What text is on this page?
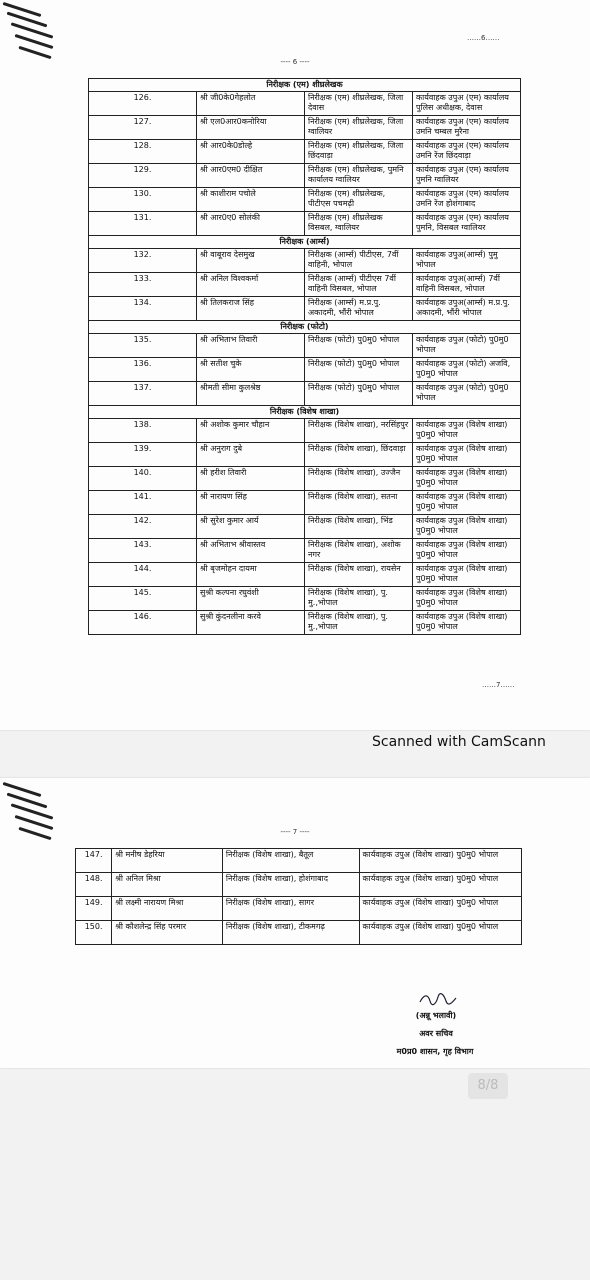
……6……
---- 6 ----
निरीक्षक (एम) शीघ्रलेखक			
126.	श्री जी0के0गेहलोत	निरीक्षक (एम) शीघ्रलेखक, जिला देवास	कार्यवाहक उपुअ (एम) कार्यालय पुलिस अधीक्षक, देवास
127.	श्री एल0आर0कनोरिया	निरीक्षक (एम) शीघ्रलेखक, जिला ग्वालियर	कार्यवाहक उपुअ (एम) कार्यालय उमनि चम्बल मुरैना
128.	श्री आर0के0डोल्हे	निरीक्षक (एम) शीघ्रलेखक, जिला छिंदवाड़ा	कार्यवाहक उपुअ (एम) कार्यालय उमनि रेंज छिंदवाड़ा
129.	श्री आर0एम0 दीक्षित	निरीक्षक (एम) शीघ्रलेखक, पुमनि कार्यालय ग्वालियर	कार्यवाहक उपुअ (एम) कार्यालय पुमनि ग्वालियर
130.	श्री काशीराम पचोले	निरीक्षक (एम) शीघ्रलेखक, पीटीएस पचमढ़ी	कार्यवाहक उपुअ (एम) कार्यालय उमनि रेंज होशंगाबाद
131.	श्री आर0ए0 सोलंकी	निरीक्षक (एम) शीघ्रलेखक विसबल, ग्वालियर	कार्यवाहक उपुअ (एम) कार्यालय पुमनि, विसबल ग्वालियर
निरीक्षक (आर्म्स)			
132.	श्री वाबूराव देसमुख	निरीक्षक (आर्म्स) पीटीएस, 7वीं वाहिनी, भोपाल	कार्यवाहक उपुअ(आर्म्स) पुमु भोपाल
133.	श्री अनिल विश्वकर्मा	निरीक्षक (आर्म्स) पीटीएस 7वीं वाहिनी विसबल, भोपाल	कार्यवाहक उपुअ(आर्म्स) 7वीं वाहिनी विसबल, भोपाल
134.	श्री तिलकराज सिंह	निरीक्षक (आर्म्स) म.प्र.पु. अकादमी, भौंरी भोपाल	कार्यवाहक उपुअ(आर्म्स) म.प्र.पु. अकादमी, भौंरी भोपाल
निरीक्षक (फोटो)			
135.	श्री अभिताभ तिवारी	निरीक्षक (फोटो) पु0मु0 भोपाल	कार्यवाहक उपुअ (फोटो) पु0मु0 भोपाल
136.	श्री सतीश चुके	निरीक्षक (फोटो) पु0मु0 भोपाल	कार्यवाहक उपुअ (फोटो) अजवि, पु0मु0 भोपाल
137.	श्रीमती सीमा कुलश्रेष्ठ	निरीक्षक (फोटो) पु0मु0 भोपाल	कार्यवाहक उपुअ (फोटो) पु0मु0 भोपाल
निरीक्षक (विशेष शाखा)			
138.	श्री अशोक कुमार चौहान	निरीक्षक (विशेष शाखा), नरसिंहपुर	कार्यवाहक उपुअ (विशेष शाखा) पु0मु0 भोपाल
139.	श्री अनुराग दुबे	निरीक्षक (विशेष शाखा), छिंदवाड़ा	कार्यवाहक उपुअ (विशेष शाखा) पु0मु0 भोपाल
140.	श्री हरीश तिवारी	निरीक्षक (विशेष शाखा), उज्जैन	कार्यवाहक उपुअ (विशेष शाखा) पु0मु0 भोपाल
141.	श्री नारायण सिंह	निरीक्षक (विशेष शाखा), सतना	कार्यवाहक उपुअ (विशेष शाखा) पु0मु0 भोपाल
142.	श्री सुरेश कुमार आर्य	निरीक्षक (विशेष शाखा), भिंड	कार्यवाहक उपुअ (विशेष शाखा) पु0मु0 भोपाल
143.	श्री अभिताभ श्रीवास्तव	निरीक्षक (विशेष शाखा), अशोक नगर	कार्यवाहक उपुअ (विशेष शाखा) पु0मु0 भोपाल
144.	श्री बृजमोहन दायमा	निरीक्षक (विशेष शाखा), रायसेन	कार्यवाहक उपुअ (विशेष शाखा) पु0मु0 भोपाल
145.	सुश्री कल्पना रघुवंशी	निरीक्षक (विशेष शाखा), पु. मु.,भोपाल	कार्यवाहक उपुअ (विशेष शाखा) पु0मु0 भोपाल
146.	सुश्री कुंदनलीना करवे	निरीक्षक (विशेष शाखा), पु. मु.,भोपाल	कार्यवाहक उपुअ (विशेष शाखा) पु0मु0 भोपाल
……7……
Scanned with CamScann
---- 7 ----
147.	श्री मनीष डेहरिया	निरीक्षक (विशेष शाखा), बैतूल	कार्यवाहक उपुअ (विशेष शाखा) पु0मु0 भोपाल
148.	श्री अनिल मिश्रा	निरीक्षक (विशेष शाखा), होशंगाबाद	कार्यवाहक उपुअ (विशेष शाखा) पु0मु0 भोपाल
149.	श्री लक्ष्मी नारायण मिश्रा	निरीक्षक (विशेष शाखा), सागर	कार्यवाहक उपुअ (विशेष शाखा) पु0मु0 भोपाल
150.	श्री कौशलेन्द्र सिंह परमार	निरीक्षक (विशेष शाखा), टीकमगढ़	कार्यवाहक उपुअ (विशेष शाखा) पु0मु0 भोपाल
(अन्नू भलावी)
अवर सचिव
म0प्र0 शासन, गृह विभाग
8/8
